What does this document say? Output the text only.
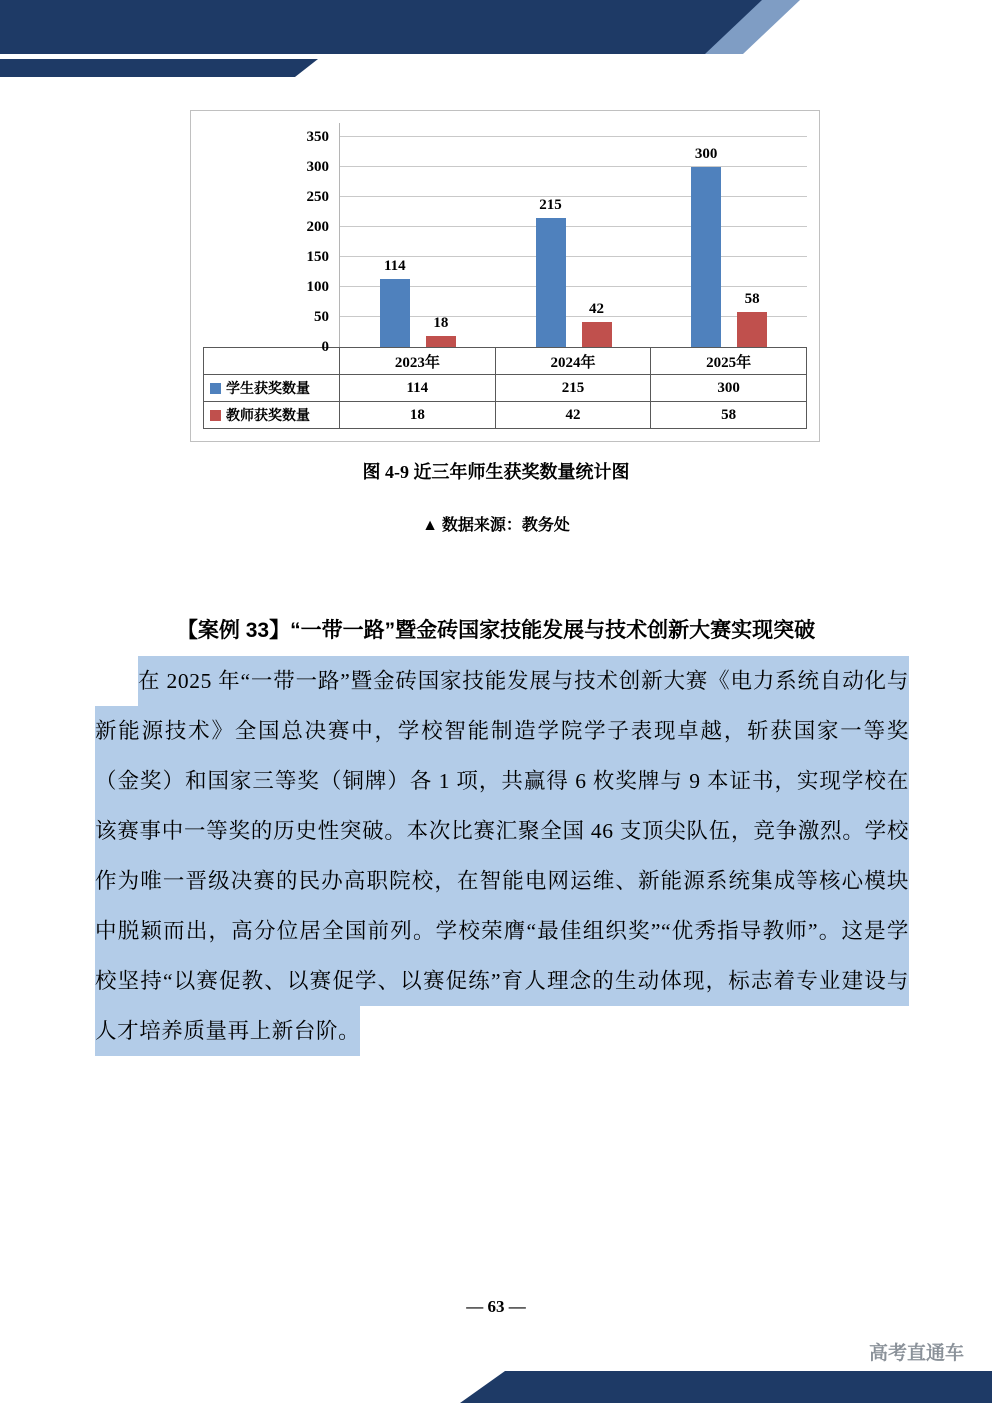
0
50
100
150
200
250
300
350
114
18
215
42
300
58
	2023年	2024年	2025年
学生获奖数量	114	215	300
教师获奖数量	18	42	58
图 4-9 近三年师生获奖数量统计图
▲ 数据来源：教务处
【案例 33】“一带一路”暨金砖国家技能发展与技术创新大赛实现突破
在 2025 年“一带一路”暨金砖国家技能发展与技术创新大赛《电力系统自动化与新能源技术》全国总决赛中，学校智能制造学院学子表现卓越，斩获国家一等奖（金奖）和国家三等奖（铜牌）各 1 项，共赢得 6 枚奖牌与 9 本证书，实现学校在该赛事中一等奖的历史性突破。本次比赛汇聚全国 46 支顶尖队伍，竞争激烈。学校作为唯一晋级决赛的民办高职院校，在智能电网运维、新能源系统集成等核心模块中脱颖而出，高分位居全国前列。学校荣膺“最佳组织奖”“优秀指导教师”。这是学校坚持“以赛促教、以赛促学、以赛促练”育人理念的生动体现，标志着专业建设与人才培养质量再上新台阶。
— 63 —
高考直通车
